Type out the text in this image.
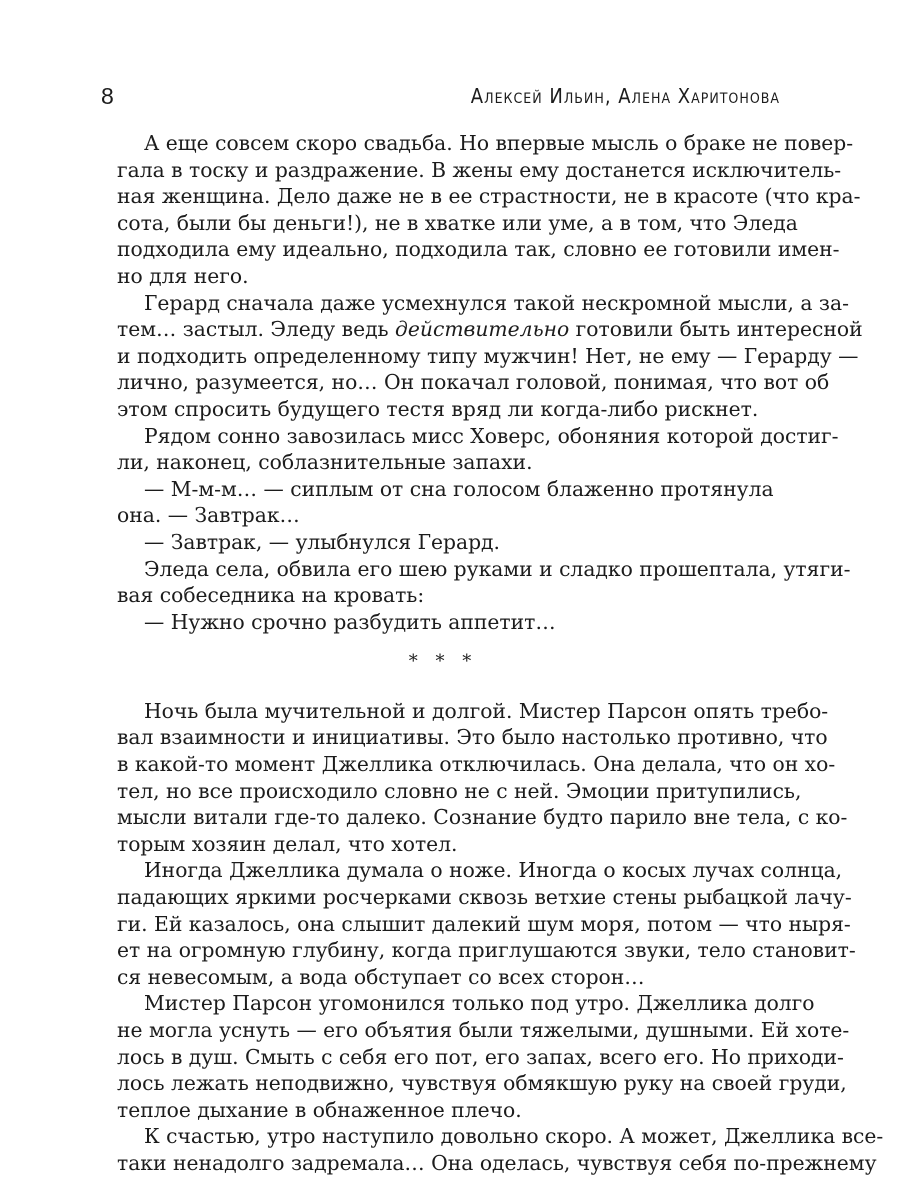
8	Алексей Ильин, Алена Харитонова

А еще совсем скоро свадьба. Но впервые мысль о браке не повер-
гала в тоску и раздражение. В жены ему достанется исключитель-
ная женщина. Дело даже не в ее страстности, не в красоте (что кра-
сота, были бы деньги!), не в хватке или уме, а в том, что Эледа
подходила ему идеально, подходила так, словно ее готовили имен-
но для него.

Герард сначала даже усмехнулся такой нескромной мысли, а за-
тем… застыл. Эледу ведь действительно готовили быть интересной
и подходить определенному типу мужчин! Нет, не ему — Герарду —
лично, разумеется, но… Он покачал головой, понимая, что вот об
этом спросить будущего тестя вряд ли когда-либо рискнет.

Рядом сонно завозилась мисс Ховерс, обоняния которой достиг-
ли, наконец, соблазнительные запахи.

— М-м-м… — сиплым от сна голосом блаженно протянула
она. — Завтрак…

— Завтрак, — улыбнулся Герард.

Эледа села, обвила его шею руками и сладко прошептала, утяги-
вая собеседника на кровать:

— Нужно срочно разбудить аппетит…

* * *

Ночь была мучительной и долгой. Мистер Парсон опять требо-
вал взаимности и инициативы. Это было настолько противно, что
в какой-то момент Джеллика отключилась. Она делала, что он хо-
тел, но все происходило словно не с ней. Эмоции притупились,
мысли витали где-то далеко. Сознание будто парило вне тела, с ко-
торым хозяин делал, что хотел.

Иногда Джеллика думала о ноже. Иногда о косых лучах солнца,
падающих яркими росчерками сквозь ветхие стены рыбацкой лачу-
ги. Ей казалось, она слышит далекий шум моря, потом — что ныря-
ет на огромную глубину, когда приглушаются звуки, тело становит-
ся невесомым, а вода обступает со всех сторон…

Мистер Парсон угомонился только под утро. Джеллика долго
не могла уснуть — его объятия были тяжелыми, душными. Ей хоте-
лось в душ. Смыть с себя его пот, его запах, всего его. Но приходи-
лось лежать неподвижно, чувствуя обмякшую руку на своей груди,
теплое дыхание в обнаженное плечо.

К счастью, утро наступило довольно скоро. А может, Джеллика все-
таки ненадолго задремала… Она оделась, чувствуя себя по-прежнему
